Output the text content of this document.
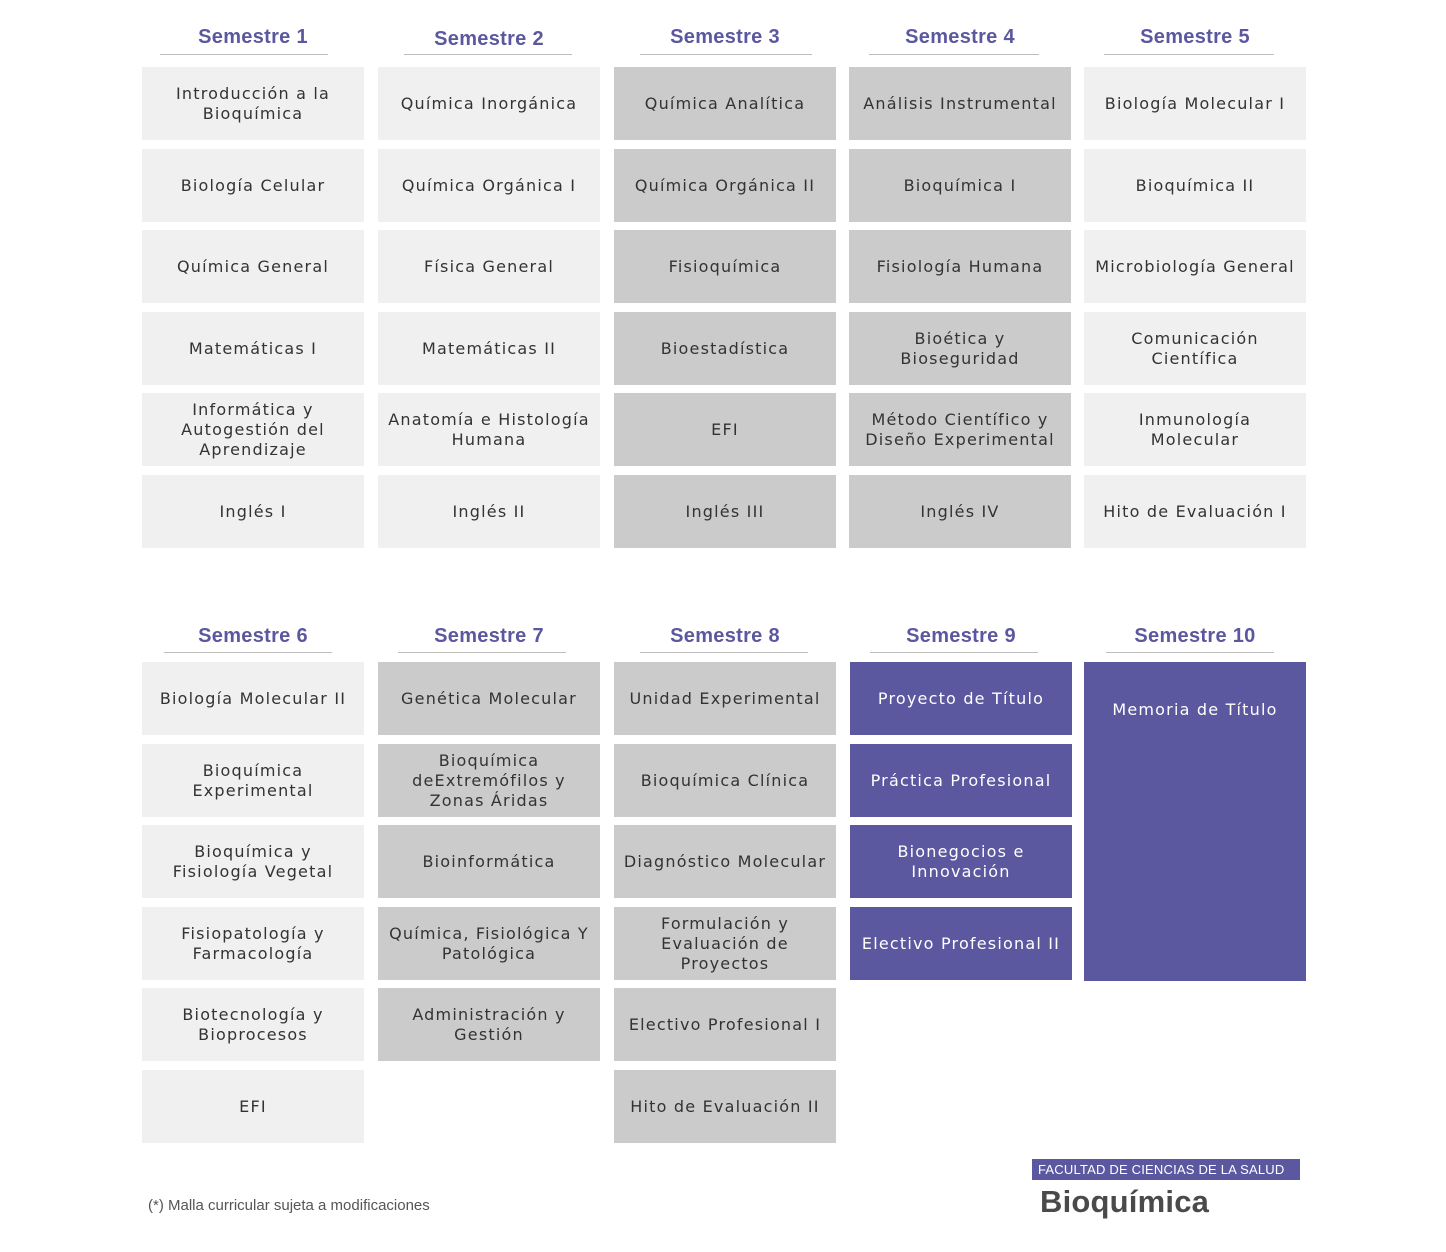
Semestre 1
Introducción a la Bioquímica
Biología Celular
Química General
Matemáticas I
Informática y Autogestión del Aprendizaje
Inglés I
Semestre 2
Química Inorgánica
Química Orgánica I
Física General
Matemáticas II
Anatomía e Histología Humana
Inglés II
Semestre 3
Química Analítica
Química Orgánica II
Fisioquímica
Bioestadística
EFI
Inglés III
Semestre 4
Análisis Instrumental
Bioquímica I
Fisiología Humana
Bioética y Bioseguridad
Método Científico y Diseño Experimental
Inglés IV
Semestre 5
Biología Molecular I
Bioquímica II
Microbiología General
Comunicación Científica
Inmunología Molecular
Hito de Evaluación I
Semestre 6
Biología Molecular II
Bioquímica Experimental
Bioquímica y Fisiología Vegetal
Fisiopatología y Farmacología
Biotecnología y Bioprocesos
EFI
Semestre 7
Genética Molecular
Bioquímica deExtremófilos y Zonas Áridas
Bioinformática
Química, Fisiológica Y Patológica
Administración y Gestión
Semestre 8
Unidad Experimental
Bioquímica Clínica
Diagnóstico Molecular
Formulación y Evaluación de Proyectos
Electivo Profesional I
Hito de Evaluación II
Semestre 9
Proyecto de Título
Práctica Profesional
Bionegocios e Innovación
Electivo Profesional II
Semestre 10
Memoria de Título
(*) Malla curricular sujeta a modificaciones
FACULTAD DE CIENCIAS DE LA SALUD
Bioquímica
